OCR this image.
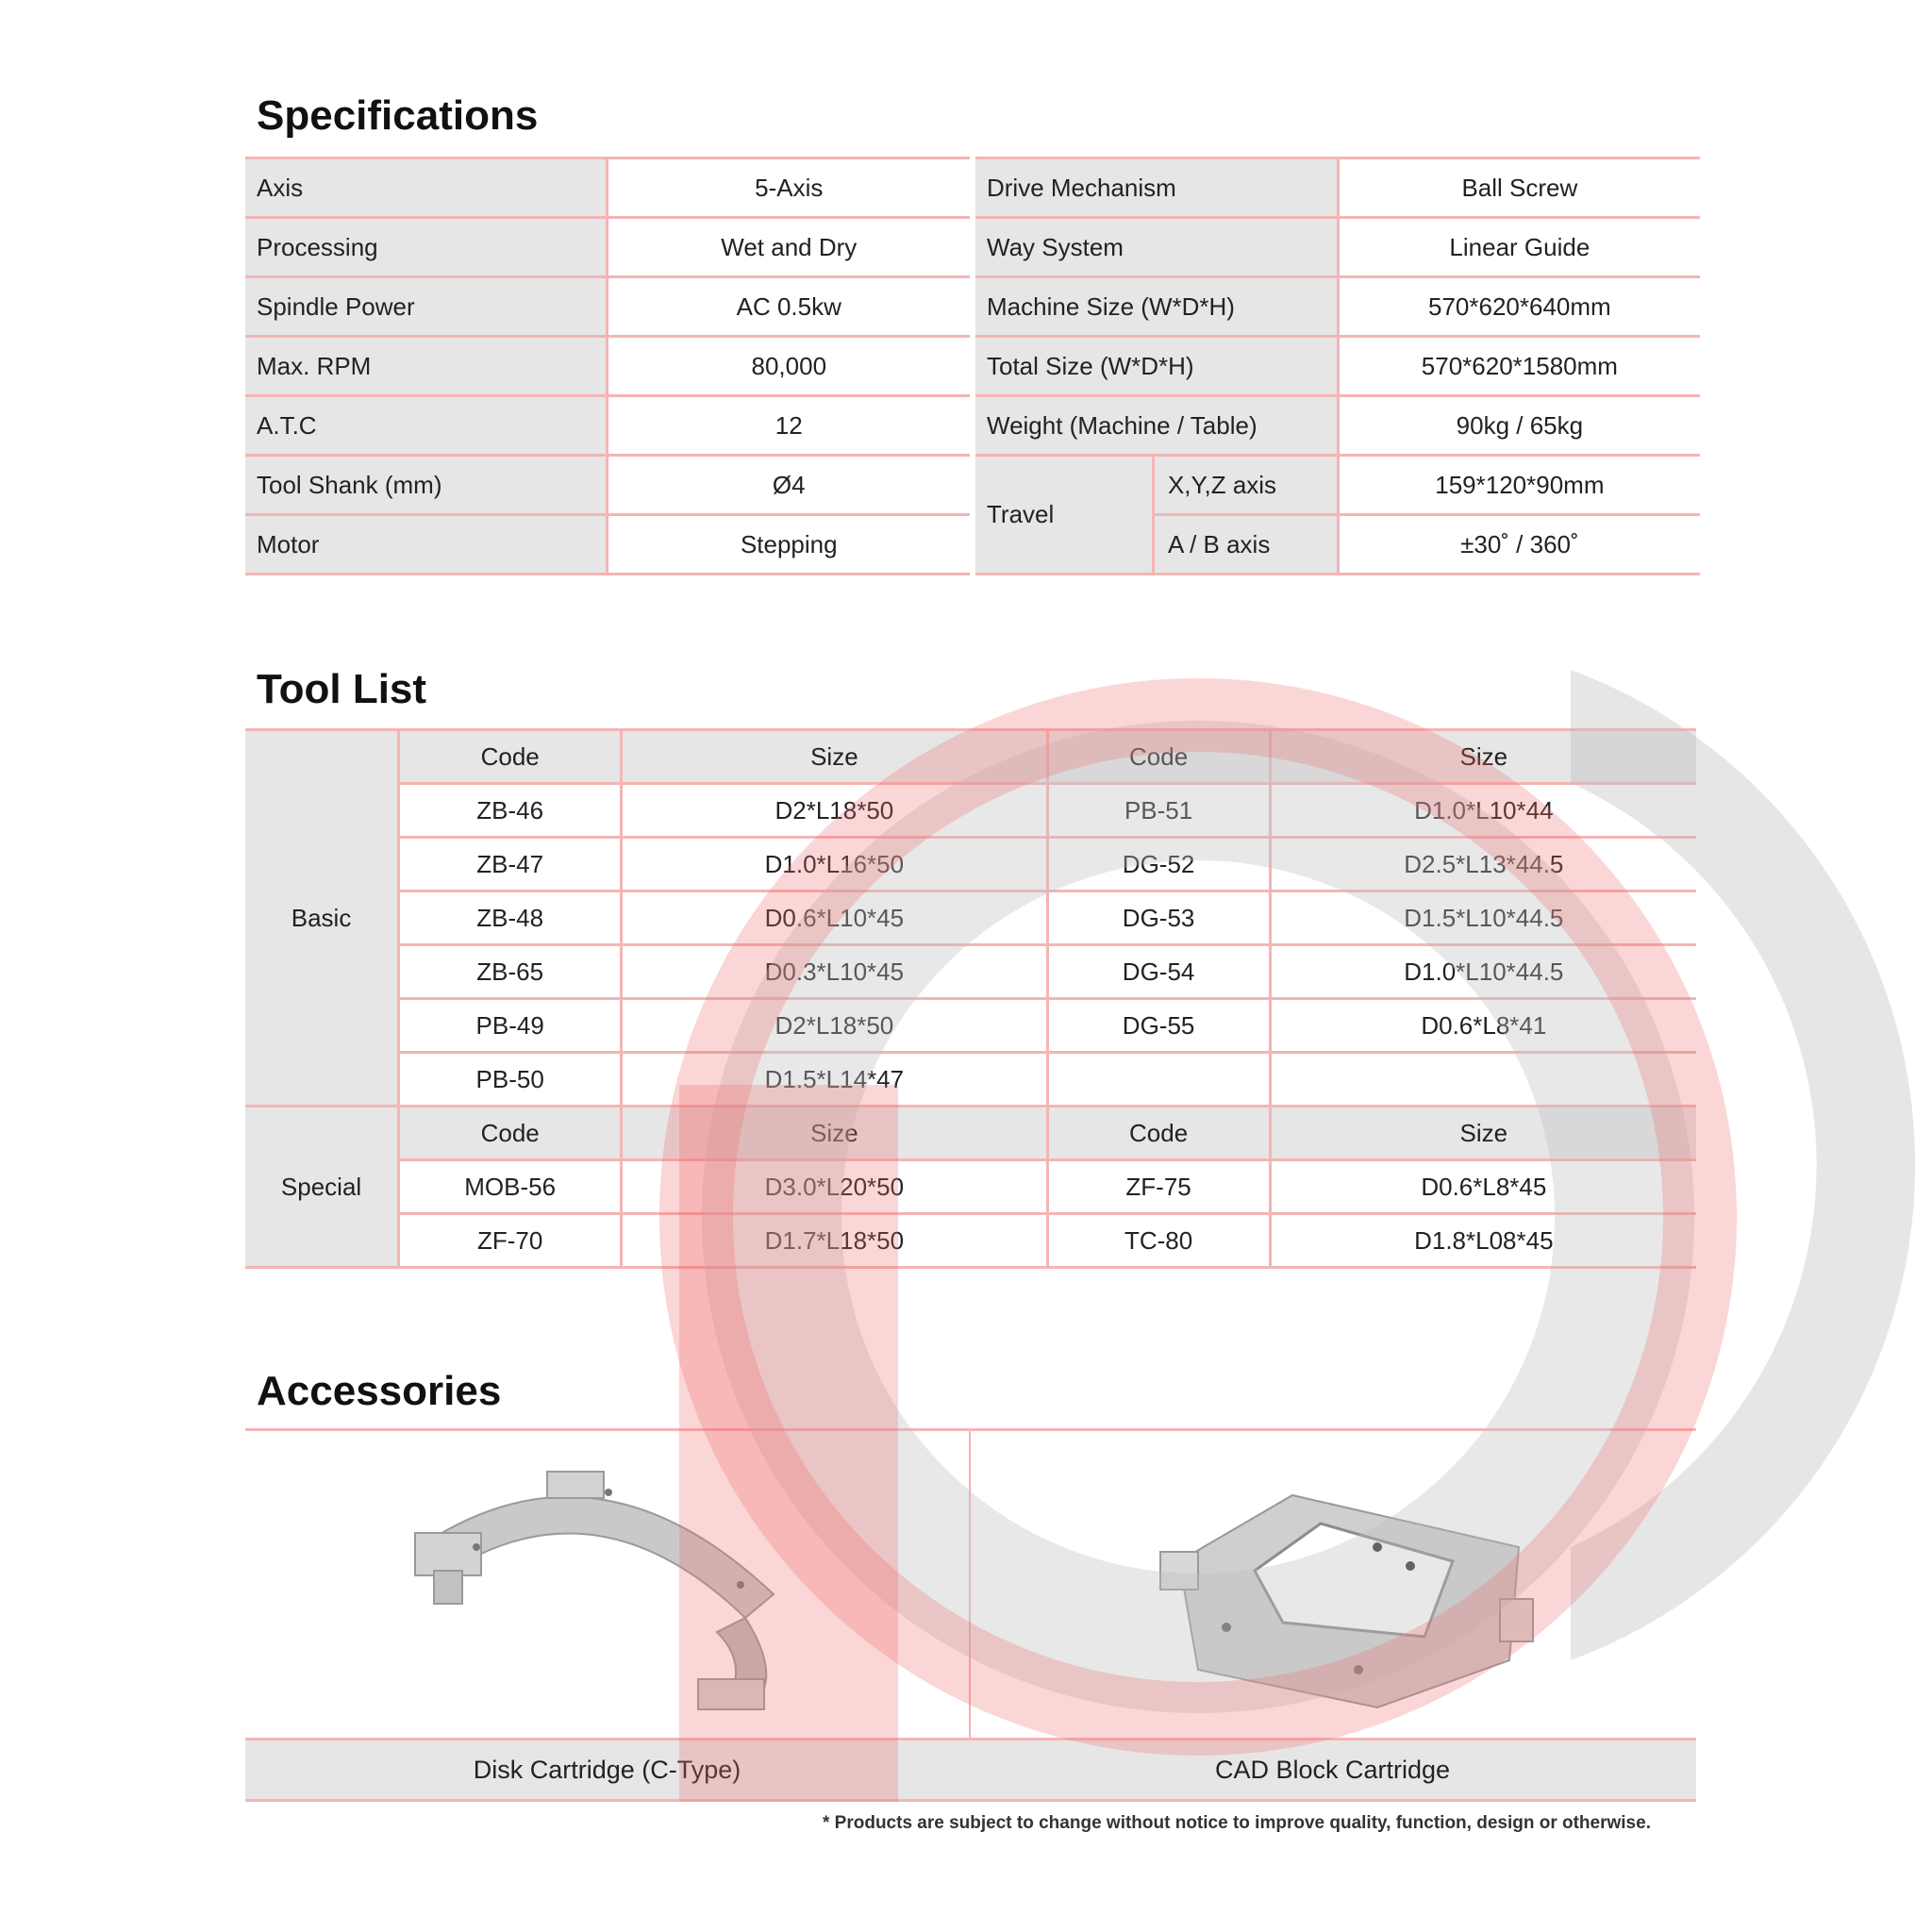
Specifications
Axis	5-Axis
Processing	Wet and Dry
Spindle Power	AC 0.5kw
Max. RPM	80,000
A.T.C	12
Tool Shank (mm)	Ø4
Motor	Stepping
Drive Mechanism		Ball Screw
Way System		Linear Guide
Machine Size (W*D*H)		570*620*640mm
Total Size (W*D*H)		570*620*1580mm
Weight (Machine / Table)		90kg / 65kg
Travel	X,Y,Z axis	159*120*90mm
	A / B axis	±30˚ / 360˚
Tool List
Basic	Code	Size	Code	Size
	ZB-46	D2*L18*50	PB-51	D1.0*L10*44
	ZB-47	D1.0*L16*50	DG-52	D2.5*L13*44.5
	ZB-48	D0.6*L10*45	DG-53	D1.5*L10*44.5
	ZB-65	D0.3*L10*45	DG-54	D1.0*L10*44.5
	PB-49	D2*L18*50	DG-55	D0.6*L8*41
	PB-50	D1.5*L14*47		
Special	Code	Size	Code	Size
	MOB-56	D3.0*L20*50	ZF-75	D0.6*L8*45
	ZF-70	D1.7*L18*50	TC-80	D1.8*L08*45
Accessories
Disk Cartridge (C-Type)	CAD Block Cartridge
* Products are subject to change without notice to improve quality, function, design or otherwise.
